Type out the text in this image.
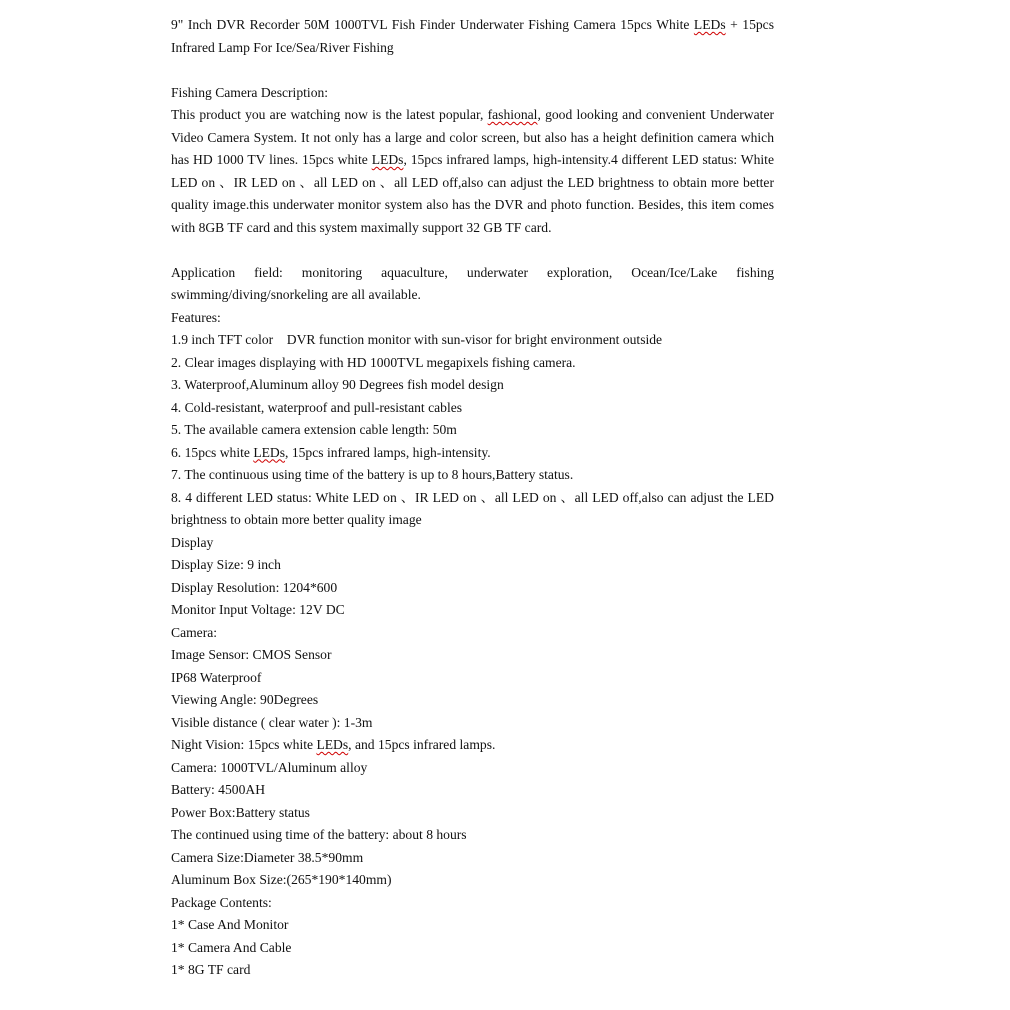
9" Inch DVR Recorder 50M 1000TVL Fish Finder Underwater Fishing Camera 15pcs White LEDs + 15pcs Infrared Lamp For Ice/Sea/River Fishing

Fishing Camera Description:

This product you are watching now is the latest popular, fashional, good looking and convenient Underwater Video Camera System. It not only has a large and color screen, but also has a height definition camera which has HD 1000 TV lines. 15pcs white LEDs, 15pcs infrared lamps, high-intensity.4 different LED status: White LED on 、IR LED on 、all LED on 、all LED off,also can adjust the LED brightness to obtain more better quality image.this underwater monitor system also has the DVR and photo function. Besides, this item comes with 8GB TF card and this system maximally support 32 GB TF card.

Application field: monitoring aquaculture, underwater exploration, Ocean/Ice/Lake fishing swimming/diving/snorkeling are all available.

Features:

1.9 inch TFT color    DVR function monitor with sun-visor for bright environment outside

2. Clear images displaying with HD 1000TVL megapixels fishing camera.

3. Waterproof,Aluminum alloy 90 Degrees fish model design

4. Cold-resistant, waterproof and pull-resistant cables

5. The available camera extension cable length: 50m

6. 15pcs white LEDs, 15pcs infrared lamps, high-intensity.

7. The continuous using time of the battery is up to 8 hours,Battery status.

8. 4 different LED status: White LED on 、IR LED on 、all LED on 、all LED off,also can adjust the LED brightness to obtain more better quality image

Display

Display Size: 9 inch

Display Resolution: 1204*600

Monitor Input Voltage: 12V DC

Camera:

Image Sensor: CMOS Sensor

IP68 Waterproof

Viewing Angle: 90Degrees

Visible distance ( clear water ): 1-3m

Night Vision: 15pcs white LEDs, and 15pcs infrared lamps.

Camera: 1000TVL/Aluminum alloy

Battery: 4500AH

Power Box:Battery status

The continued using time of the battery: about 8 hours

Camera Size:Diameter 38.5*90mm

Aluminum Box Size:(265*190*140mm)

Package Contents:

1* Case And Monitor

1* Camera And Cable

1* 8G TF card
